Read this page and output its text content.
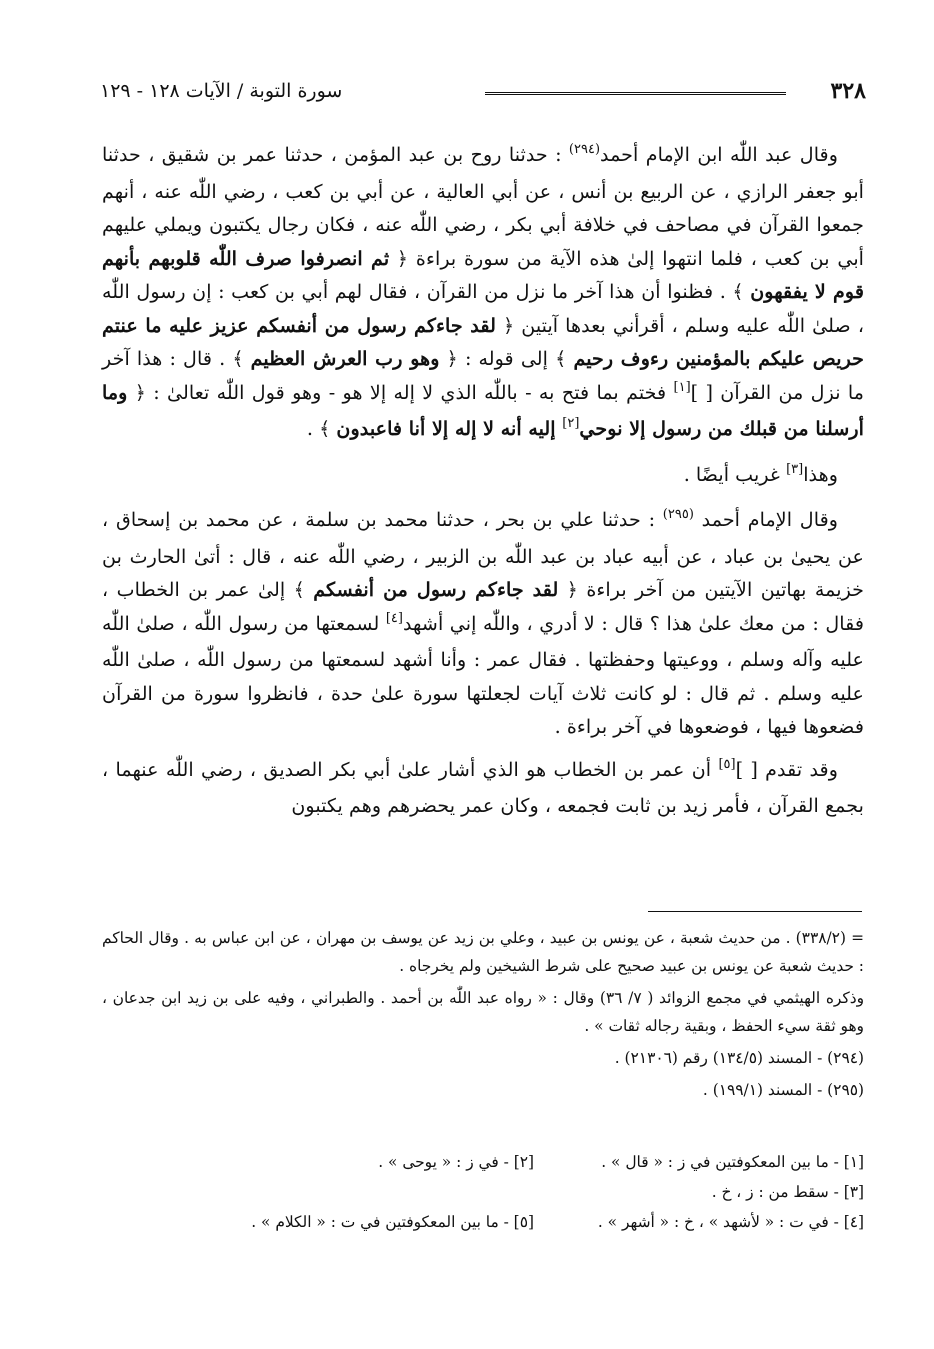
٣٢٨
سورة التوبة / الآيات ١٢٨ - ١٢٩

وقال عبد اللّٰه ابن الإمام أحمد$^{(٢٩٤)}$ : حدثنا روح بن عبد المؤمن ، حدثنا عمر بن شقيق ، حدثنا أبو جعفر الرازي ، عن الربيع بن أنس ، عن أبي العالية ، عن أبي بن كعب ، رضي اللّٰه عنه ، أنهم جمعوا القرآن في مصاحف في خلافة أبي بكر ، رضي اللّٰه عنه ، فكان رجال يكتبون ويملي عليهم أبي بن كعب ، فلما انتهوا إلىٰ هذه الآية من سورة براءة ﴿ ثم انصرفوا صرف اللّٰه قلوبهم بأنهم قوم لا يفقهون ﴾ . فظنوا أن هذا آخر ما نزل من القرآن ، فقال لهم أبي بن كعب : إن رسول اللّٰه ، صلىٰ اللّٰه عليه وسلم ، أقرأني بعدها آيتين ﴿ لقد جاءكم رسول من أنفسكم عزيز عليه ما عنتم حريص عليكم بالمؤمنين رءوف رحيم ﴾ إلى قوله : ﴿ وهو رب العرش العظيم ﴾ . قال : هذا آخر ما نزل من القرآن [ ][١] فختم بما فتح به - باللّٰه الذي لا إله إلا هو - وهو قول اللّٰه تعالىٰ : ﴿ وما أرسلنا من قبلك من رسول إلا نوحي[٢] إليه أنه لا إله إلا أنا فاعبدون ﴾ .

وهذا[٣] غريب أيضًا .

وقال الإمام أحمد $^{(٢٩٥)}$ : حدثنا علي بن بحر ، حدثنا محمد بن سلمة ، عن محمد بن إسحاق ، عن يحيىٰ بن عباد ، عن أبيه عباد بن عبد اللّٰه بن الزبير ، رضي اللّٰه عنه ، قال : أتىٰ الحارث بن خزيمة بهاتين الآيتين من آخر براءة ﴿ لقد جاءكم رسول من أنفسكم ﴾ إلىٰ عمر بن الخطاب ، فقال : من معك علىٰ هذا ؟ قال : لا أدري ، واللّٰه إني أشهد[٤] لسمعتها من رسول اللّٰه ، صلىٰ اللّٰه عليه وآله وسلم ، ووعيتها وحفظتها . فقال عمر : وأنا أشهد لسمعتها من رسول اللّٰه ، صلىٰ اللّٰه عليه وسلم . ثم قال : لو كانت ثلاث آيات لجعلتها سورة علىٰ حدة ، فانظروا سورة من القرآن فضعوها فيها ، فوضعوها في آخر براءة .

وقد تقدم [ ][٥] أن عمر بن الخطاب هو الذي أشار علىٰ أبي بكر الصديق ، رضي اللّٰه عنهما ، بجمع القرآن ، فأمر زيد بن ثابت فجمعه ، وكان عمر يحضرهم وهم يكتبون

= (٣٣٨/٢) . من حديث شعبة ، عن يونس بن عبيد ، وعلي بن زيد عن يوسف بن مهران ، عن ابن عباس به . وقال الحاكم : حديث شعبة عن يونس بن عبيد صحيح على شرط الشيخين ولم يخرجاه .

وذكره الهيثمي في مجمع الزوائد ( ٧/ ٣٦) وقال : « رواه عبد اللّٰه بن أحمد . والطبراني ، وفيه على بن زيد ابن جدعان ، وهو ثقة سيء الحفظ ، وبقية رجاله ثقات » .

(٢٩٤) - المسند (١٣٤/٥) رقم (٢١٣٠٦) .

(٢٩٥) - المسند (١٩٩/١) .

[١] - ما بين المعكوفتين في ز : « قال » .
[٢] - في ز : « يوحى » .
[٣] - سقط من : ز ، خ .
[٤] - في ت : « لأشهد » ، خ : « أشهر » .
[٥] - ما بين المعكوفتين في ت : « الكلام » .
